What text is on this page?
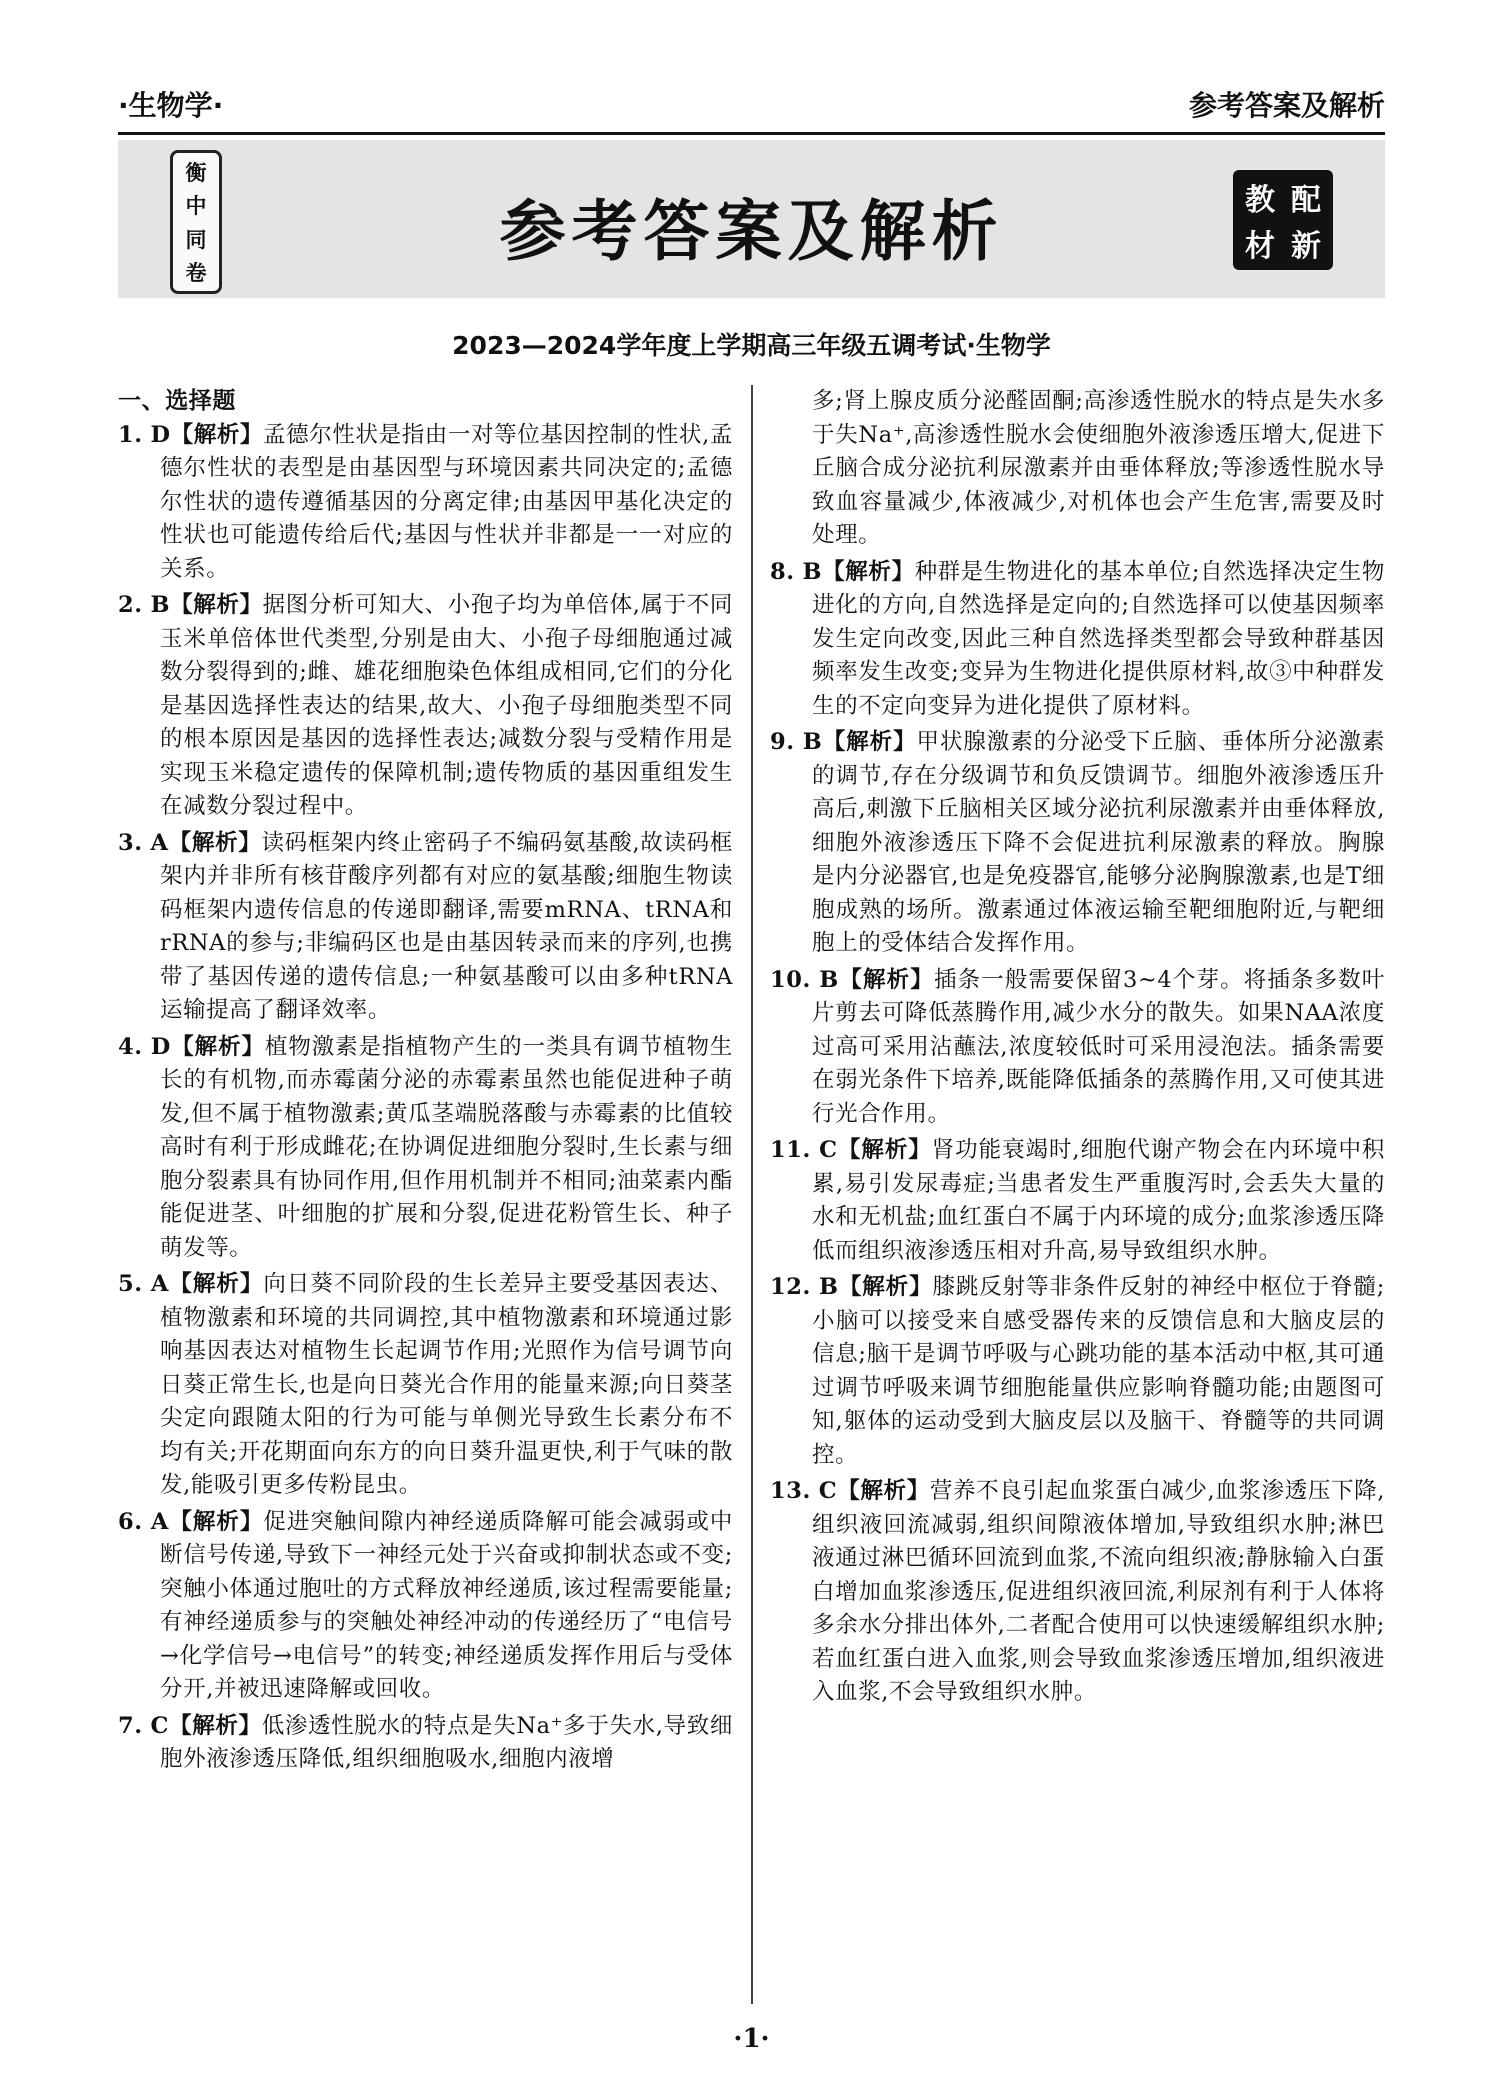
·生物学·	参考答案及解析
衡
中
同
卷
参考答案及解析	教 配
材 新
2023—2024学年度上学期高三年级五调考试·生物学
一、选择题
1. D【解析】孟德尔性状是指由一对等位基因控制的性状,孟德尔性状的表型是由基因型与环境因素共同决定的;孟德尔性状的遗传遵循基因的分离定律;由基因甲基化决定的性状也可能遗传给后代;基因与性状并非都是一一对应的关系。
2. B【解析】据图分析可知大、小孢子均为单倍体,属于不同玉米单倍体世代类型,分别是由大、小孢子母细胞通过减数分裂得到的;雌、雄花细胞染色体组成相同,它们的分化是基因选择性表达的结果,故大、小孢子母细胞类型不同的根本原因是基因的选择性表达;减数分裂与受精作用是实现玉米稳定遗传的保障机制;遗传物质的基因重组发生在减数分裂过程中。
3. A【解析】读码框架内终止密码子不编码氨基酸,故读码框架内并非所有核苷酸序列都有对应的氨基酸;细胞生物读码框架内遗传信息的传递即翻译,需要mRNA、tRNA和rRNA的参与;非编码区也是由基因转录而来的序列,也携带了基因传递的遗传信息;一种氨基酸可以由多种tRNA运输提高了翻译效率。
4. D【解析】植物激素是指植物产生的一类具有调节植物生长的有机物,而赤霉菌分泌的赤霉素虽然也能促进种子萌发,但不属于植物激素;黄瓜茎端脱落酸与赤霉素的比值较高时有利于形成雌花;在协调促进细胞分裂时,生长素与细胞分裂素具有协同作用,但作用机制并不相同;油菜素内酯能促进茎、叶细胞的扩展和分裂,促进花粉管生长、种子萌发等。
5. A【解析】向日葵不同阶段的生长差异主要受基因表达、植物激素和环境的共同调控,其中植物激素和环境通过影响基因表达对植物生长起调节作用;光照作为信号调节向日葵正常生长,也是向日葵光合作用的能量来源;向日葵茎尖定向跟随太阳的行为可能与单侧光导致生长素分布不均有关;开花期面向东方的向日葵升温更快,利于气味的散发,能吸引更多传粉昆虫。
6. A【解析】促进突触间隙内神经递质降解可能会减弱或中断信号传递,导致下一神经元处于兴奋或抑制状态或不变;突触小体通过胞吐的方式释放神经递质,该过程需要能量;有神经递质参与的突触处神经冲动的传递经历了“电信号→化学信号→电信号”的转变;神经递质发挥作用后与受体分开,并被迅速降解或回收。
7. C【解析】低渗透性脱水的特点是失Na⁺多于失水,导致细胞外液渗透压降低,组织细胞吸水,细胞内液增
多;肾上腺皮质分泌醛固酮;高渗透性脱水的特点是失水多于失Na⁺,高渗透性脱水会使细胞外液渗透压增大,促进下丘脑合成分泌抗利尿激素并由垂体释放;等渗透性脱水导致血容量减少,体液减少,对机体也会产生危害,需要及时处理。
8. B【解析】种群是生物进化的基本单位;自然选择决定生物进化的方向,自然选择是定向的;自然选择可以使基因频率发生定向改变,因此三种自然选择类型都会导致种群基因频率发生改变;变异为生物进化提供原材料,故③中种群发生的不定向变异为进化提供了原材料。
9. B【解析】甲状腺激素的分泌受下丘脑、垂体所分泌激素的调节,存在分级调节和负反馈调节。细胞外液渗透压升高后,刺激下丘脑相关区域分泌抗利尿激素并由垂体释放,细胞外液渗透压下降不会促进抗利尿激素的释放。胸腺是内分泌器官,也是免疫器官,能够分泌胸腺激素,也是T细胞成熟的场所。激素通过体液运输至靶细胞附近,与靶细胞上的受体结合发挥作用。
10. B【解析】插条一般需要保留3~4个芽。将插条多数叶片剪去可降低蒸腾作用,减少水分的散失。如果NAA浓度过高可采用沾蘸法,浓度较低时可采用浸泡法。插条需要在弱光条件下培养,既能降低插条的蒸腾作用,又可使其进行光合作用。
11. C【解析】肾功能衰竭时,细胞代谢产物会在内环境中积累,易引发尿毒症;当患者发生严重腹泻时,会丢失大量的水和无机盐;血红蛋白不属于内环境的成分;血浆渗透压降低而组织液渗透压相对升高,易导致组织水肿。
12. B【解析】膝跳反射等非条件反射的神经中枢位于脊髓;小脑可以接受来自感受器传来的反馈信息和大脑皮层的信息;脑干是调节呼吸与心跳功能的基本活动中枢,其可通过调节呼吸来调节细胞能量供应影响脊髓功能;由题图可知,躯体的运动受到大脑皮层以及脑干、脊髓等的共同调控。
13. C【解析】营养不良引起血浆蛋白减少,血浆渗透压下降,组织液回流减弱,组织间隙液体增加,导致组织水肿;淋巴液通过淋巴循环回流到血浆,不流向组织液;静脉输入白蛋白增加血浆渗透压,促进组织液回流,利尿剂有利于人体将多余水分排出体外,二者配合使用可以快速缓解组织水肿;若血红蛋白进入血浆,则会导致血浆渗透压增加,组织液进入血浆,不会导致组织水肿。
·1·
